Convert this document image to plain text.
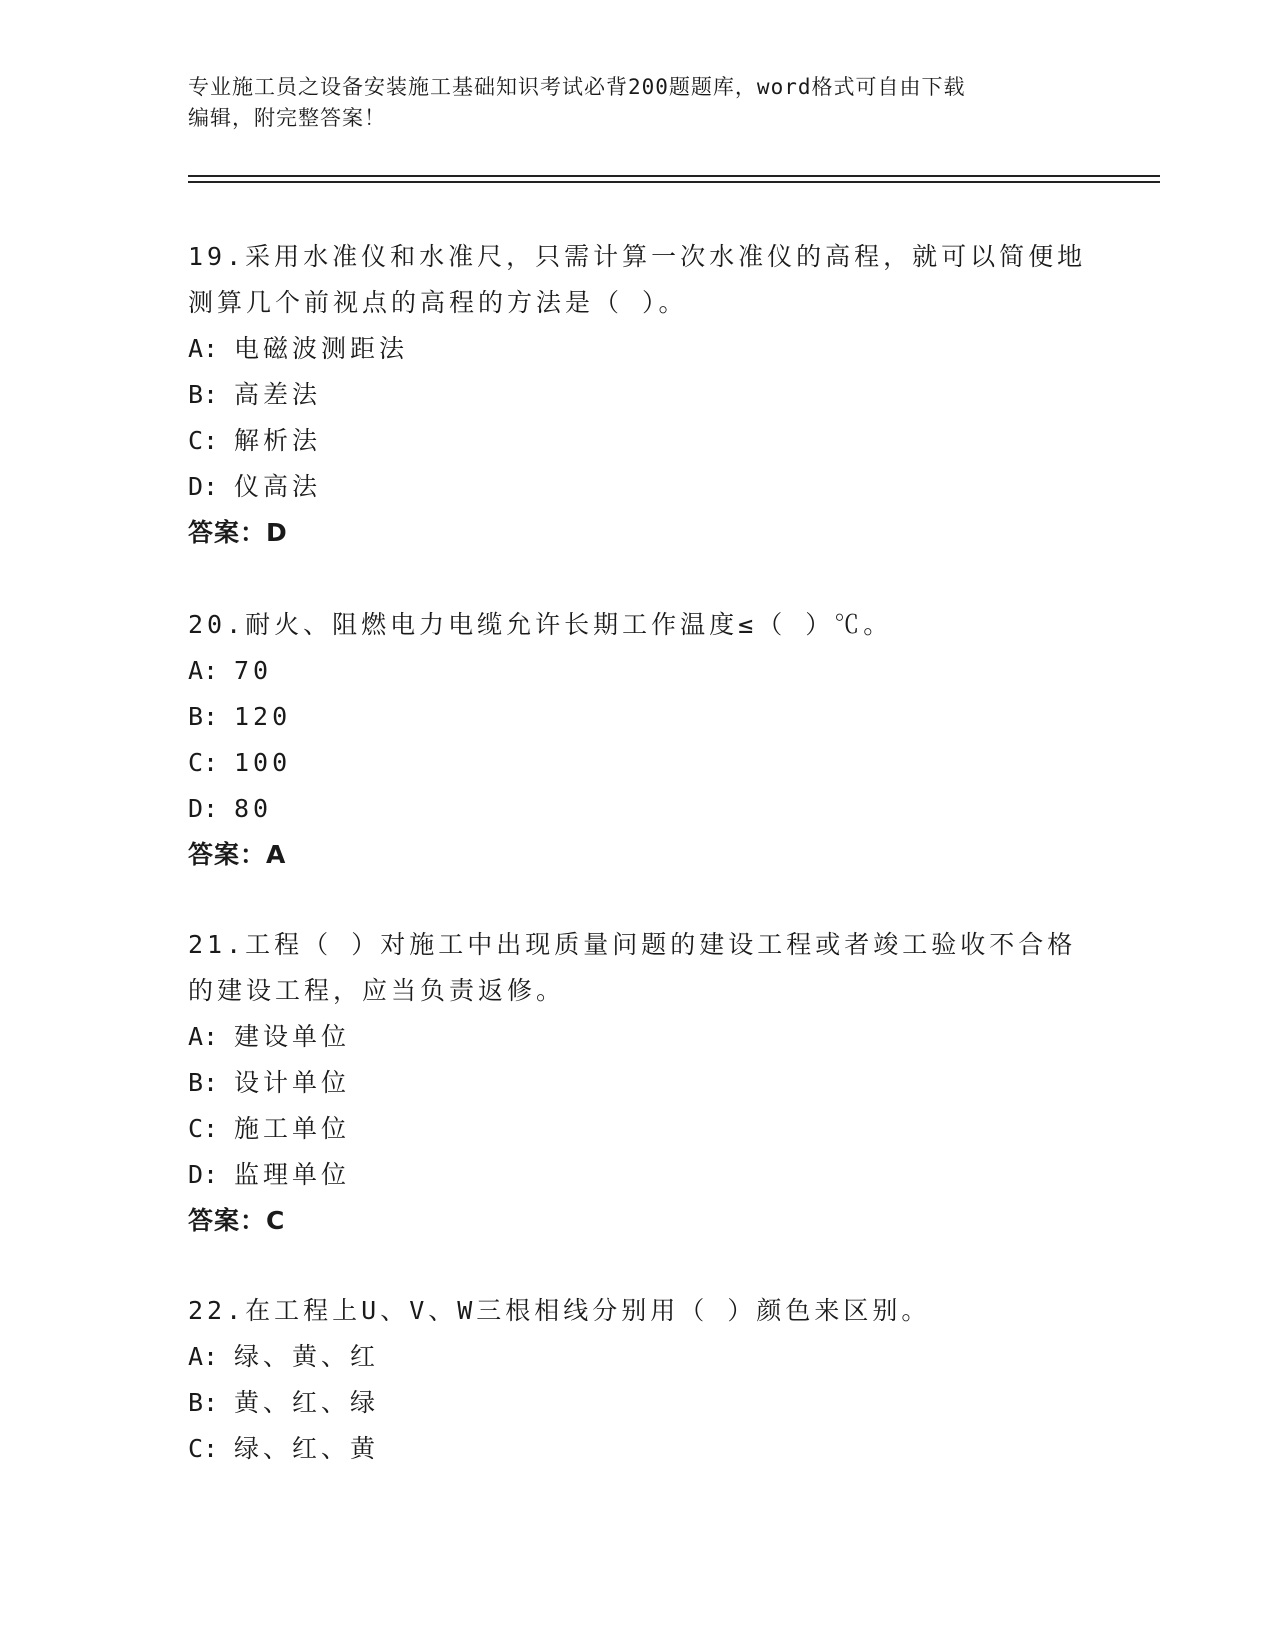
专业施工员之设备安装施工基础知识考试必背200题题库，word格式可自由下载
编辑，附完整答案！

19.采用水准仪和水准尺，只需计算一次水准仪的高程，就可以简便地

测算几个前视点的高程的方法是（ ）。

A: 电磁波测距法

B: 高差法

C: 解析法

D: 仪高法

答案：D

20.耐火、阻燃电力电缆允许长期工作温度≤（ ）℃。

A: 70

B: 120

C: 100

D: 80

答案：A

21.工程（ ）对施工中出现质量问题的建设工程或者竣工验收不合格

的建设工程，应当负责返修。

A: 建设单位

B: 设计单位

C: 施工单位

D: 监理单位

答案：C

22.在工程上U、V、W三根相线分别用（ ）颜色来区别。

A: 绿、黄、红

B: 黄、红、绿

C: 绿、红、黄
